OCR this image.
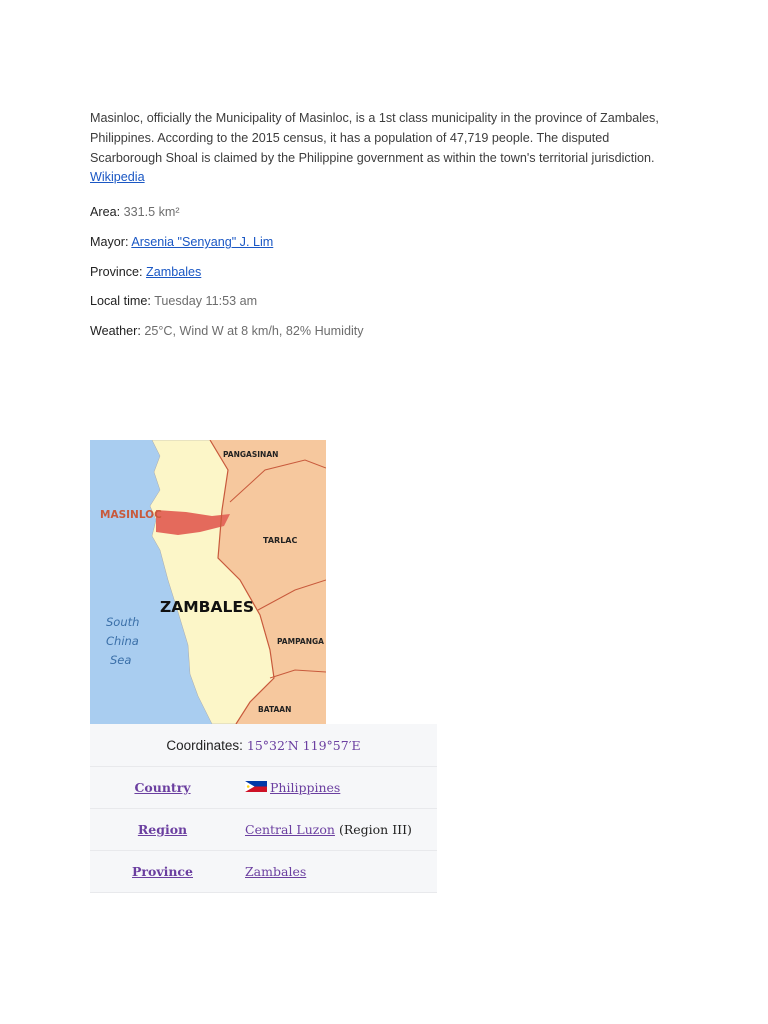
Masinloc, officially the Municipality of Masinloc, is a 1st class municipality in the province of Zambales, Philippines. According to the 2015 census, it has a population of 47,719 people. The disputed Scarborough Shoal is claimed by the Philippine government as within the town's territorial jurisdiction. Wikipedia

Area: 331.5 km²
Mayor: Arsenia "Senyang" J. Lim
Province: Zambales
Local time: Tuesday 11:53 am
Weather: 25°C, Wind W at 8 km/h, 82% Humidity
MASINLOC
PANGASINAN
TARLAC
ZAMBALES
PAMPANGA
BATAAN
South
China
Sea
Coordinates: 15°32′N 119°57′E
Country	Philippines
Region	Central Luzon (Region III)
Province	Zambales
